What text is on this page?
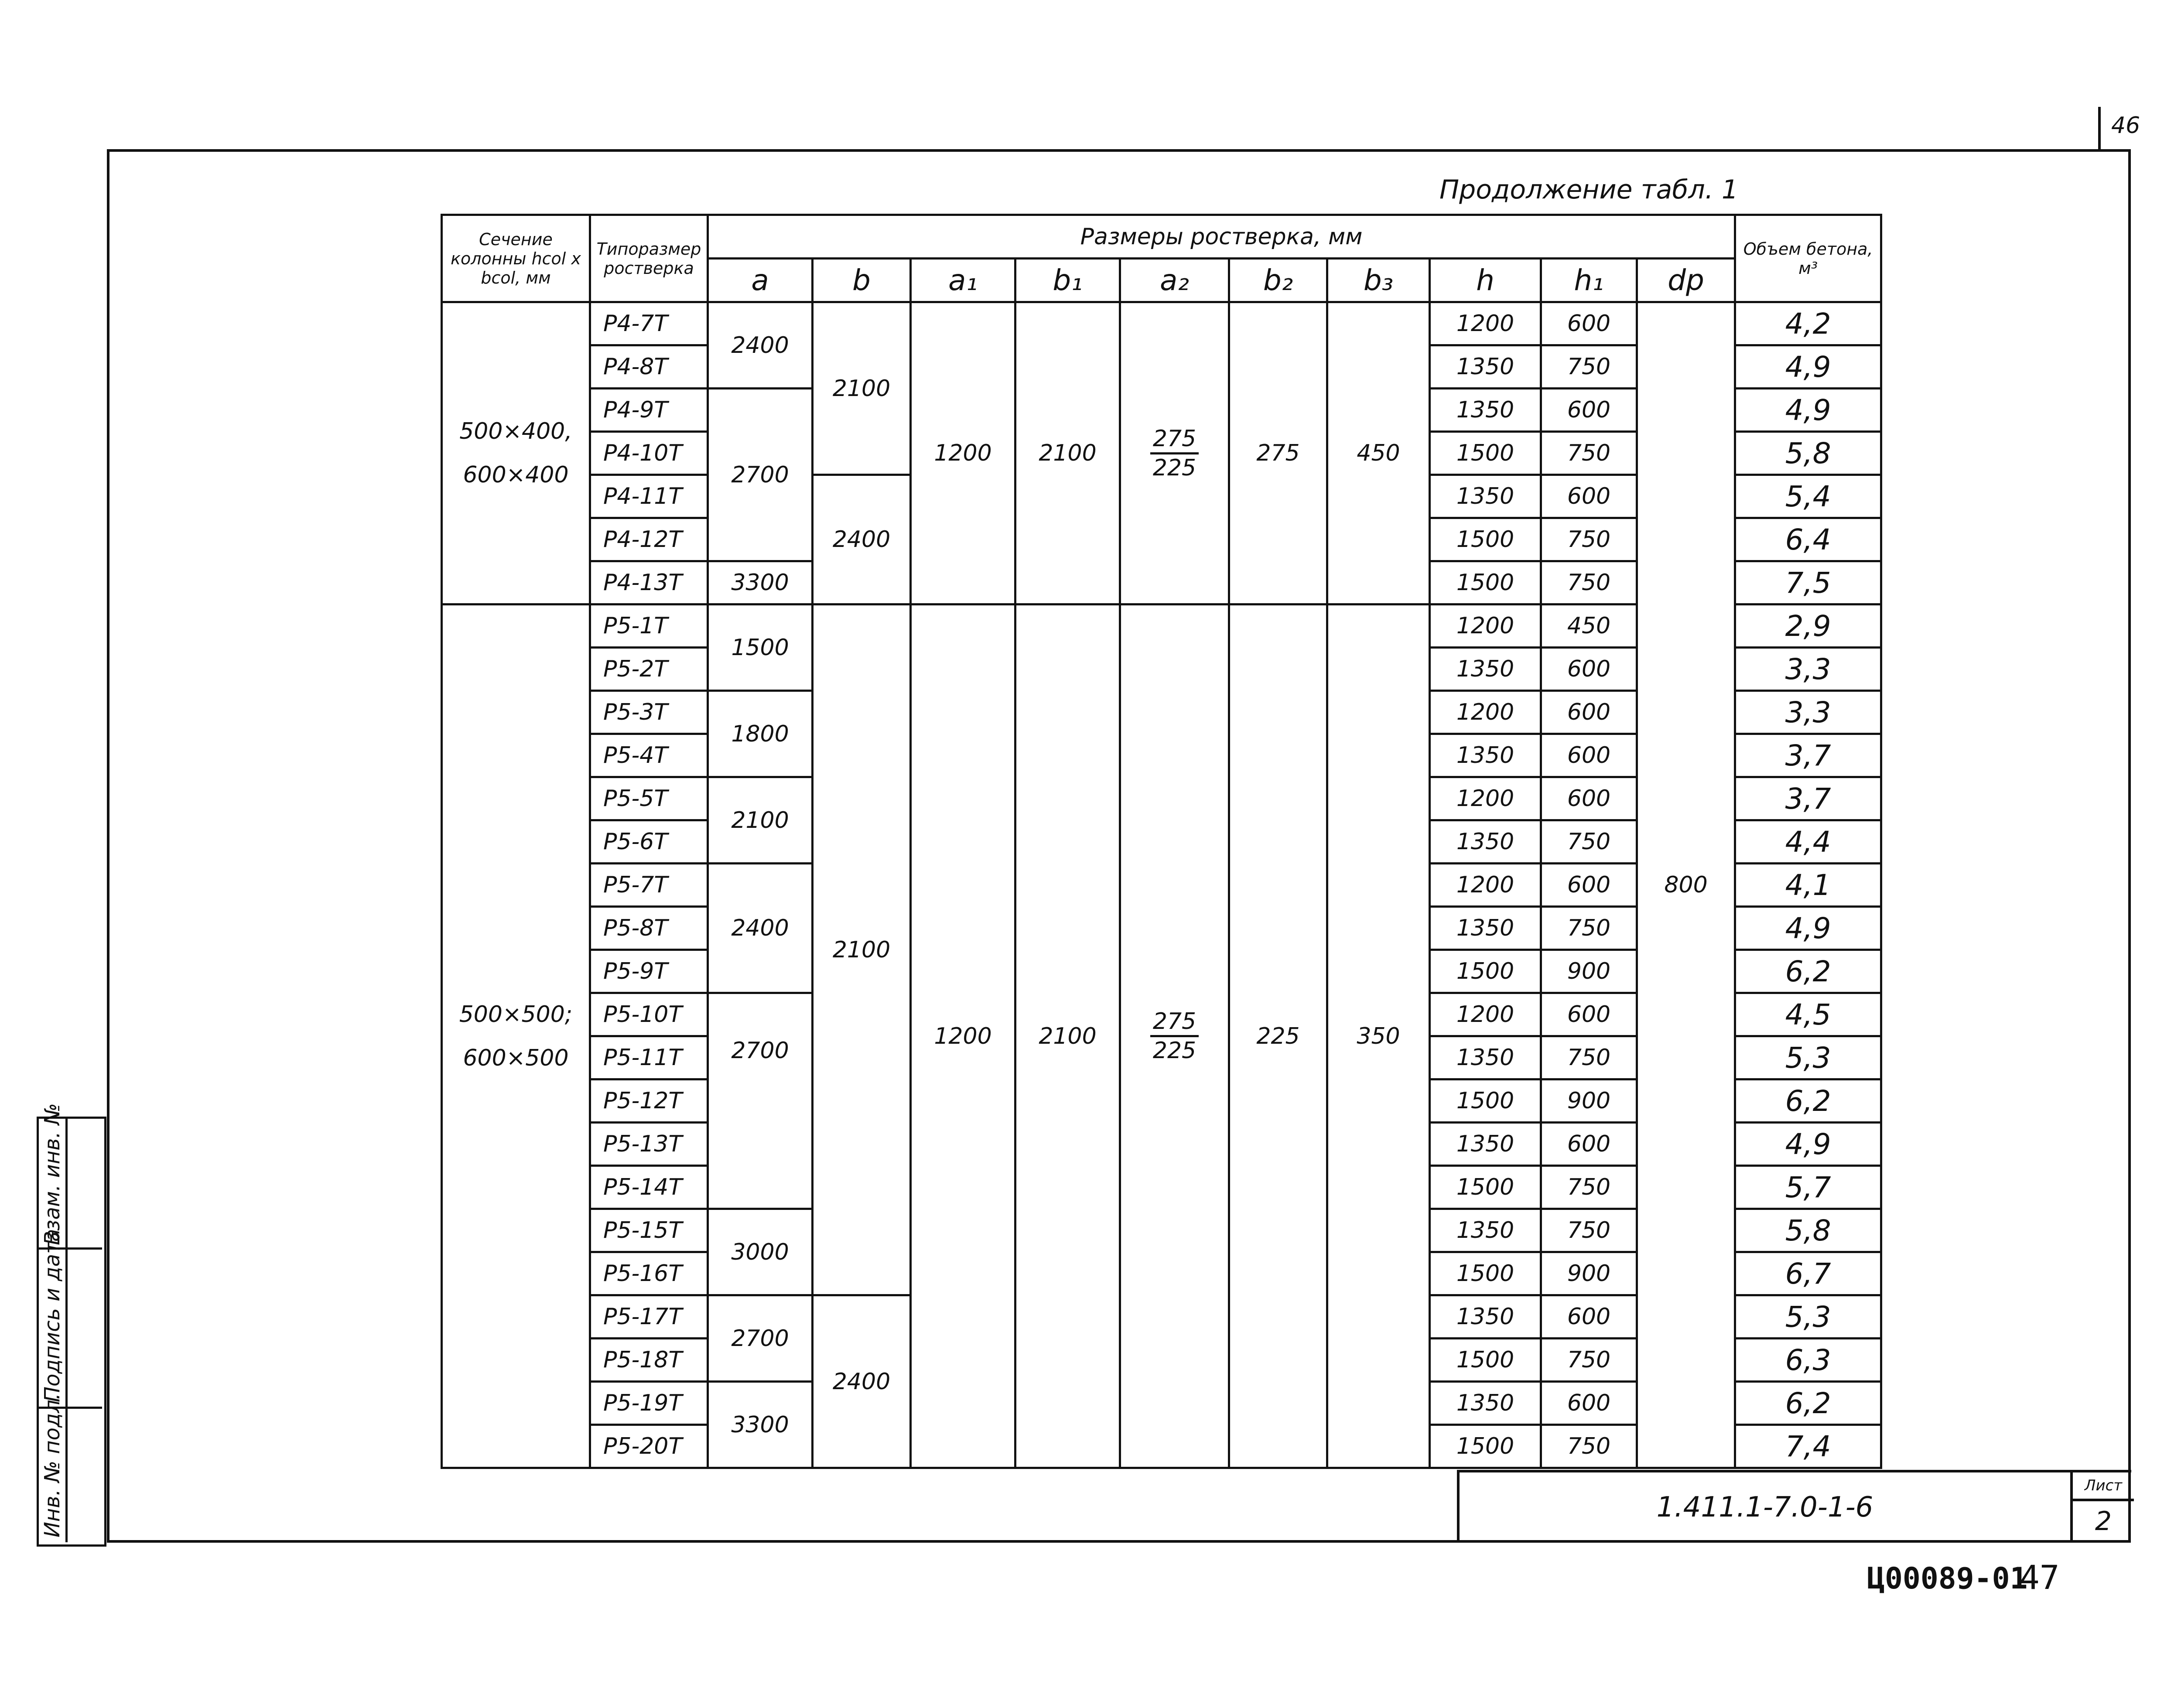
46
Продолжение табл. 1
Взам. инв. №
Подпись и дата
Инв. № подл.
Сечение колонны hcol x bcol, мм	Типоразмер ростверка	Размеры ростверка, мм										Объем бетона, м³
		a	b	a₁	b₁	a₂	b₂	b₃	h	h₁	dp	
500×400,
600×400	Р4-7Т	2400	2100	1200	2100	$\frac{275}{225}$	275	450	1200	600	800	4,2
	Р4-8Т								1350	750		4,9
	Р4-9Т	2700							1350	600		4,9
	Р4-10Т								1500	750		5,8
	Р4-11Т		2400						1350	600		5,4
	Р4-12Т								1500	750		6,4
	Р4-13Т	3300							1500	750		7,5
500×500;
600×500	Р5-1Т	1500	2100	1200	2100	$\frac{275}{225}$	225	350	1200	450		2,9
	Р5-2Т								1350	600		3,3
	Р5-3Т	1800							1200	600		3,3
	Р5-4Т								1350	600		3,7
	Р5-5Т	2100							1200	600		3,7
	Р5-6Т								1350	750		4,4
	Р5-7Т	2400							1200	600		4,1
	Р5-8Т								1350	750		4,9
	Р5-9Т								1500	900		6,2
	Р5-10Т	2700							1200	600		4,5
	Р5-11Т								1350	750		5,3
	Р5-12Т								1500	900		6,2
	Р5-13Т								1350	600		4,9
	Р5-14Т								1500	750		5,7
	Р5-15Т	3000							1350	750		5,8
	Р5-16Т								1500	900		6,7
	Р5-17Т	2700	2400						1350	600		5,3
	Р5-18Т								1500	750		6,3
	Р5-19Т	3300							1350	600		6,2
	Р5-20Т								1500	750		7,4
1.411.1-7.0-1-6
Лист
2
Ц00089-01
47
